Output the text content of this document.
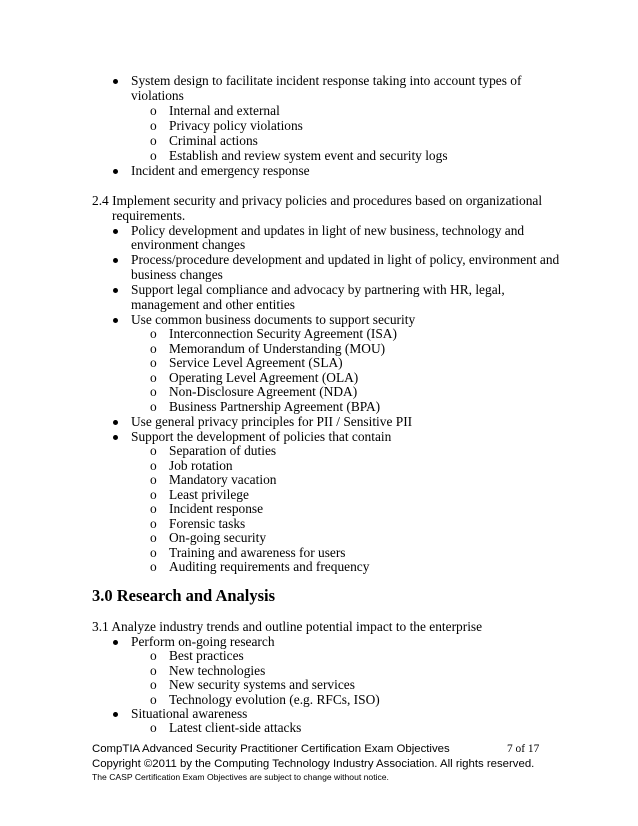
System design to facilitate incident response taking into account types of
violations
o Internal and external
o Privacy policy violations
o Criminal actions
o Establish and review system event and security logs
Incident and emergency response
2.4 Implement security and privacy policies and procedures based on organizational
requirements.
Policy development and updates in light of new business, technology and
environment changes
Process/procedure development and updated in light of policy, environment and
business changes
Support legal compliance and advocacy by partnering with HR, legal,
management and other entities
Use common business documents to support security
o Interconnection Security Agreement (ISA)
o Memorandum of Understanding (MOU)
o Service Level Agreement (SLA)
o Operating Level Agreement (OLA)
o Non-Disclosure Agreement (NDA)
o Business Partnership Agreement (BPA)
Use general privacy principles for PII / Sensitive PII
Support the development of policies that contain
o Separation of duties
o Job rotation
o Mandatory vacation
o Least privilege
o Incident response
o Forensic tasks
o On-going security
o Training and awareness for users
o Auditing requirements and frequency
3.0 Research and Analysis
3.1 Analyze industry trends and outline potential impact to the enterprise
Perform on-going research
o Best practices
o New technologies
o New security systems and services
o Technology evolution (e.g. RFCs, ISO)
Situational awareness
o Latest client-side attacks
CompTIA Advanced Security Practitioner Certification Exam Objectives	7 of 17
Copyright ©2011 by the Computing Technology Industry Association. All rights reserved.
The CASP Certification Exam Objectives are subject to change without notice.
